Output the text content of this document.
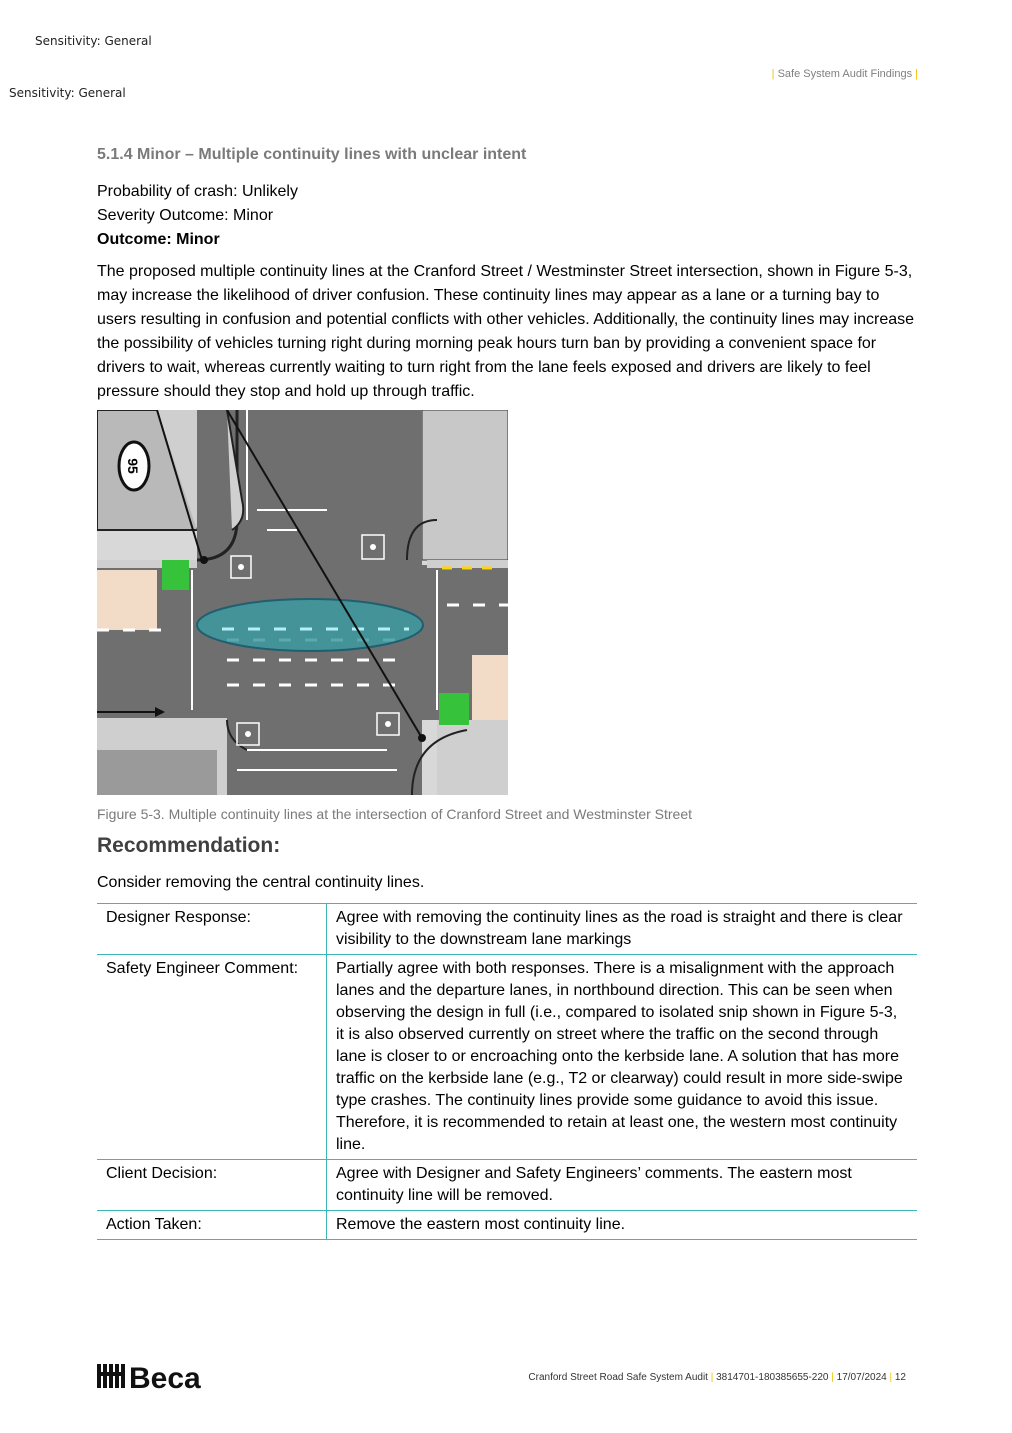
Sensitivity: General
Sensitivity: General
| Safe System Audit Findings |
5.1.4 Minor – Multiple continuity lines with unclear intent
Probability of crash: Unlikely
Severity Outcome: Minor
Outcome: Minor

The proposed multiple continuity lines at the Cranford Street / Westminster Street intersection, shown in Figure 5-3, may increase the likelihood of driver confusion. These continuity lines may appear as a lane or a turning bay to users resulting in confusion and potential conflicts with other vehicles. Additionally, the continuity lines may increase the possibility of vehicles turning right during morning peak hours turn ban by providing a convenient space for drivers to wait, whereas currently waiting to turn right from the lane feels exposed and drivers are likely to feel pressure should they stop and hold up through traffic.

95
Figure 5-3. Multiple continuity lines at the intersection of Cranford Street and Westminster Street
Recommendation:
Consider removing the central continuity lines.
Designer Response:	Agree with removing the continuity lines as the road is straight and there is clear visibility to the downstream lane markings
Safety Engineer Comment:	Partially agree with both responses. There is a misalignment with the approach lanes and the departure lanes, in northbound direction. This can be seen when observing the design in full (i.e., compared to isolated snip shown in Figure 5-3, it is also observed currently on street where the traffic on the second through lane is closer to or encroaching onto the kerbside lane. A solution that has more traffic on the kerbside lane (e.g., T2 or clearway) could result in more side-swipe type crashes. The continuity lines provide some guidance to avoid this issue. Therefore, it is recommended to retain at least one, the western most continuity line.
Client Decision:	Agree with Designer and Safety Engineers’ comments. The eastern most continuity line will be removed.
Action Taken:	Remove the eastern most continuity line.
Beca	Cranford Street Road Safe System Audit | 3814701-180385655-220 | 17/07/2024 | 12
